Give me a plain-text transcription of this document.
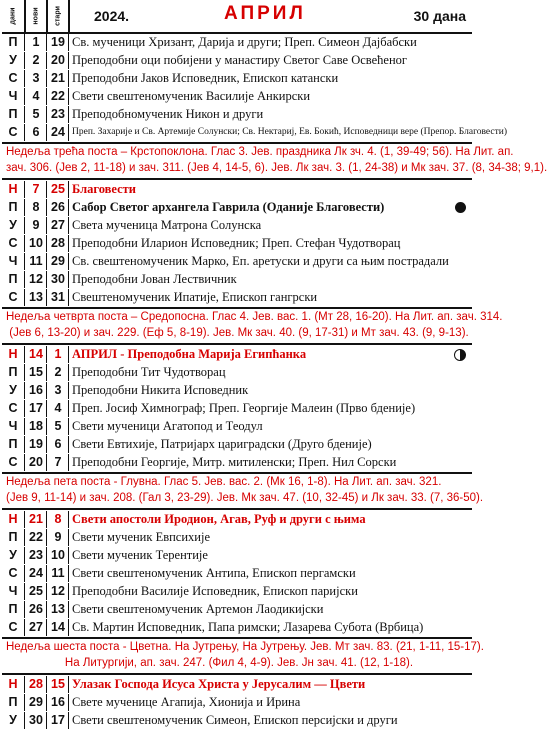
дани нови стари 2024.	АПРИЛ	30 дана
П	1 19 Св. мученици Хризант, Дарија и други; Преп. Симеон Дајбабски
У	2 20 Преподобни оци побијени у манастиру Светог Саве Освећеног
С	3 21 Преподобни Јаков Исповедник, Епископ катански
Ч	4 22 Свети свештеномученик Василије Анкирски
П	5 23 Преподобномученик Никон и други
С	6 24 Преп. Захарије и Св. Артемије Солунски; Св. Нектариј, Ев. Бокић, Исповедници вере (Препор. Благовести)
Недеља трећа поста – Крстопоклона. Глас 3. Јев. праздника Лк зч. 4. (1, 39-49; 56). На Лит. ап.
зач. 306. (Јев 2, 11-18) и зач. 311. (Јев 4, 14-5, 6). Јев. Лк зач. 3. (1, 24-38) и Мк зач. 37. (8, 34-38; 9,1).
Н	7 25 Благовести
П	8 26 Сабор Светог архангела Гаврила (Оданије Благовести)
У	9 27 Света мученица Матрона Солунска
С 10 28 Преподобни Иларион Исповедник; Преп. Стефан Чудотворац
Ч 11 29 Св. свештеномученик Марко, Еп. аретуски и други са њим пострадали
П 12 30 Преподобни Јован Лествичник
С 13 31 Свештеномученик Ипатије, Епископ гангрски
Недеља четврта поста – Средопосна. Глас 4. Јев. вас. 1. (Мт 28, 16-20). На Лит. ап. зач. 314.
(Јев 6, 13-20) и зач. 229. (Еф 5, 8-19). Јев. Мк зач. 40. (9, 17-31) и Мт зач. 43. (9, 9-13).
Н 14 1 АПРИЛ - Преподобна Марија Египћанка
П 15 2 Преподобни Тит Чудотворац
У 16 3 Преподобни Никита Исповедник
С 17 4 Преп. Јосиф Химнограф; Преп. Георгије Малеин (Прво бденије)
Ч 18 5 Свети мученици Агатопод и Теодул
П 19 6 Свети Евтихије, Патријарх цариградски (Друго бденије)
С 20 7 Преподобни Георгије, Митр. митиленски; Преп. Нил Сорски
Недеља пета поста - Глувна. Глас 5. Јев. вас. 2. (Мк 16, 1-8). На Лит. ап. зач. 321.
(Јев 9, 11-14) и зач. 208. (Гал 3, 23-29). Јев. Мк зач. 47. (10, 32-45) и Лк зач. 33. (7, 36-50).
Н 21 8 Свети апостоли Иродион, Агав, Руф и други с њима
П 22 9 Свети мученик Евпсихије
У 23 10 Свети мученик Терентије
С 24 11 Свети свештеномученик Антипа, Епископ пергамски
Ч 25 12 Преподобни Василије Исповедник, Епископ паријски
П 26 13 Свети свештеномученик Артемон Лаодикијски
С 27 14 Св. Мартин Исповедник, Папа римски; Лазарева Субота (Врбица)
Недеља шеста поста - Цветна. На Јутрењу, На Јутрењу. Јев. Мт зач. 83. (21, 1-11, 15-17).
На Литургији, ап. зач. 247. (Фил 4, 4-9). Јев. Јн зач. 41. (12, 1-18).
Н 28 15 Улазак Господа Исуса Христа у Јерусалим — Цвети
П 29 16 Свете мученице Агапија, Хионија и Ирина
У 30 17 Свети свештеномученик Симеон, Епископ персијски и други
